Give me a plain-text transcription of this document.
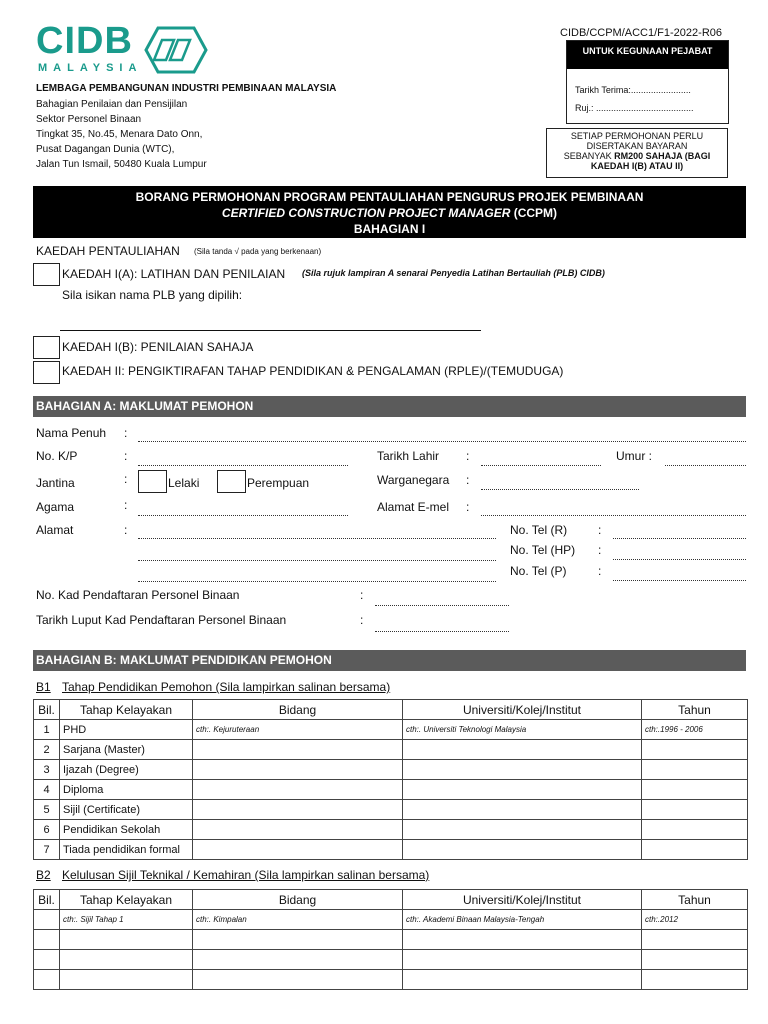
CIDB
MALAYSIA
CIDB/CCPM/ACC1/F1-2022-R06
LEMBAGA PEMBANGUNAN INDUSTRI PEMBINAAN MALAYSIA
Bahagian Penilaian dan Pensijilan
Sektor Personel Binaan
Tingkat 35, No.45, Menara Dato Onn,
Pusat Dagangan Dunia (WTC),
Jalan Tun Ismail, 50480 Kuala Lumpur
UNTUK KEGUNAAN PEJABAT
Tarikh Terima:........................
Ruj.: .......................................
SETIAP PERMOHONAN PERLU
DISERTAKAN BAYARAN
SEBANYAK RM200 SAHAJA (BAGI
KAEDAH I(B) ATAU II)
BORANG PERMOHONAN PROGRAM PENTAULIAHAN PENGURUS PROJEK PEMBINAAN
CERTIFIED CONSTRUCTION PROJECT MANAGER (CCPM)
BAHAGIAN I
KAEDAH PENTAULIAHAN (Sila tanda √ pada yang berkenaan)
KAEDAH I(A): LATIHAN DAN PENILAIAN (Sila rujuk lampiran A senarai Penyedia Latihan Bertauliah (PLB) CIDB)
Sila isikan nama PLB yang dipilih:
KAEDAH I(B): PENILAIAN SAHAJA
KAEDAH II: PENGIKTIRAFAN TAHAP PENDIDIKAN & PENGALAMAN (RPLE)/(TEMUDUGA)
BAHAGIAN A: MAKLUMAT PEMOHON
Nama Penuh :
No. K/P	:	Tarikh Lahir :	Umur :
Jantina	:	Lelaki	Perempuan	Warganegara :
Agama	:	Alamat E-mel :
Alamat	:	No. Tel (R)	:
No. Tel (HP) :
No. Tel (P)	:
No. Kad Pendaftaran Personel Binaan	:
Tarikh Luput Kad Pendaftaran Personel Binaan	:
BAHAGIAN B: MAKLUMAT PENDIDIKAN PEMOHON
B1 Tahap Pendidikan Pemohon (Sila lampirkan salinan bersama)
Bil.	Tahap Kelayakan	Bidang	Universiti/Kolej/Institut	Tahun
1	PHD	cth:. Kejuruteraan	cth:. Universiti Teknologi Malaysia	cth:.1996 - 2006
2	Sarjana (Master)			
3	Ijazah (Degree)			
4	Diploma			
5	Sijil (Certificate)			
6	Pendidikan Sekolah			
7	Tiada pendidikan formal			
B2 Kelulusan Sijil Teknikal / Kemahiran (Sila lampirkan salinan bersama)
Bil.	Tahap Kelayakan	Bidang	Universiti/Kolej/Institut	Tahun
	cth:. Sijil Tahap 1	cth:. Kimpalan	cth:. Akademi Binaan Malaysia-Tengah	cth:.2012
